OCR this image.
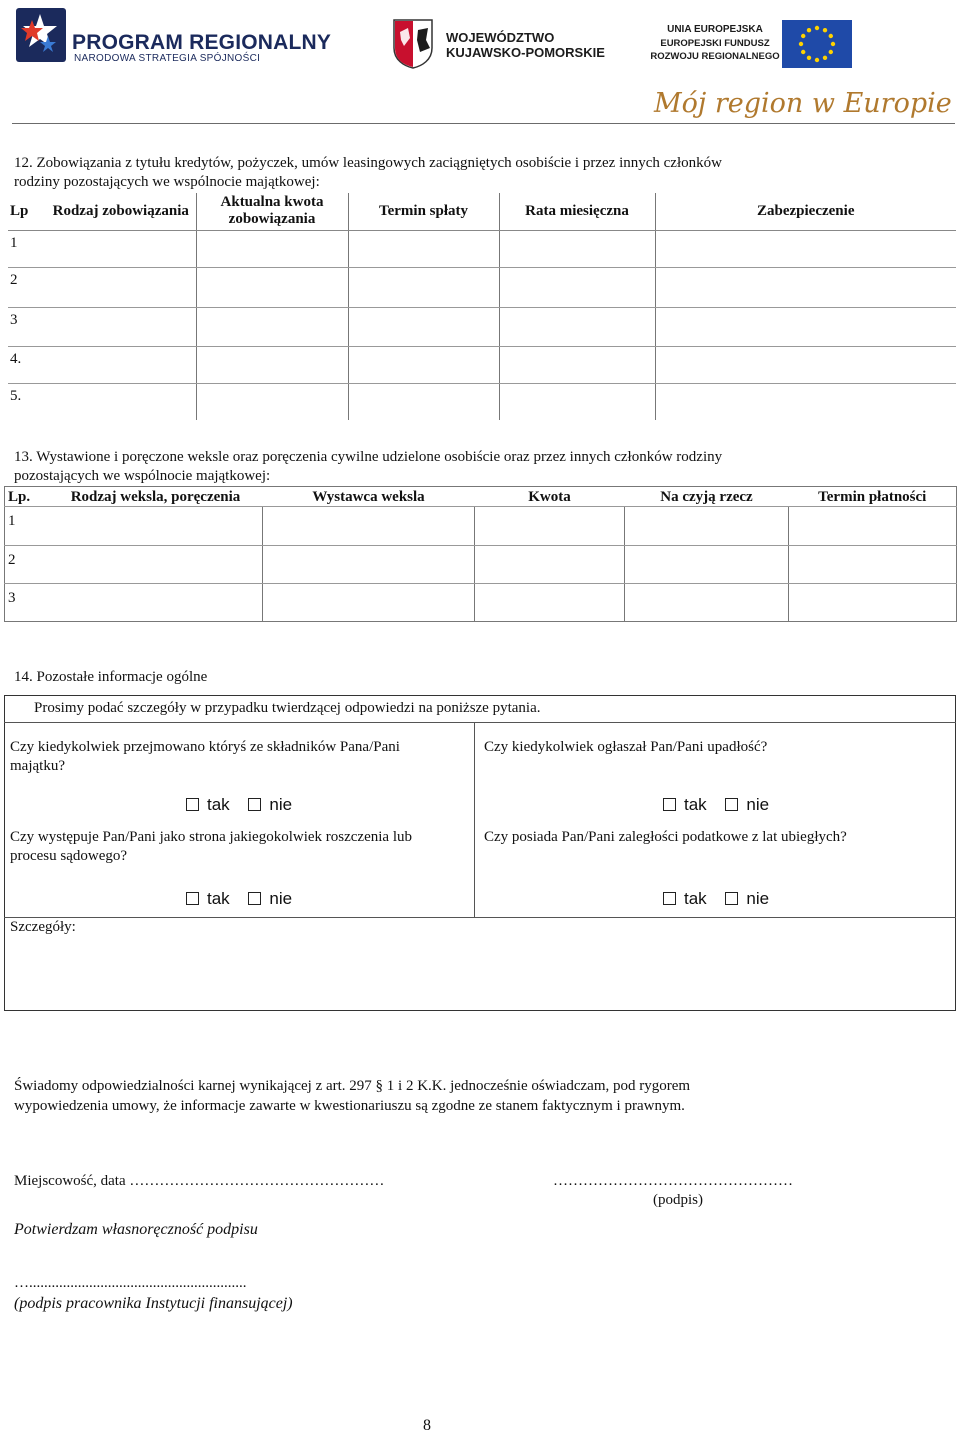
PROGRAM REGIONALNY
NARODOWA STRATEGIA SPÓJNOŚCI
WOJEWÓDZTWO
KUJAWSKO-POMORSKIE
UNIA EUROPEJSKA
EUROPEJSKI FUNDUSZ
ROZWOJU REGIONALNEGO
Mój region w Europie
12. Zobowiązania z tytułu kredytów, pożyczek, umów leasingowych zaciągniętych osobiście i przez innych członków
rodziny pozostających we wspólnocie majątkowej:
Lp	Rodzaj zobowiązania	Aktualna kwota zobowiązania	Termin spłaty	Rata miesięczna	Zabezpieczenie
1					
2					
3					
4.					
5.					
13. Wystawione i poręczone weksle oraz poręczenia cywilne udzielone osobiście oraz przez innych członków rodziny
pozostających we wspólnocie majątkowej:
Lp.	Rodzaj weksla, poręczenia	Wystawca weksla	Kwota	Na czyją rzecz	Termin płatności
1					
2					
3					
14. Pozostałe informacje ogólne
Prosimy podać szczegóły w przypadku twierdzącej odpowiedzi na poniższe pytania.
Czy kiedykolwiek przejmowano któryś ze składników Pana/Pani
majątku?
Czy kiedykolwiek ogłaszał Pan/Pani upadłość?
tak nie	tak nie
Czy występuje Pan/Pani jako strona jakiegokolwiek roszczenia lub
procesu sądowego?
Czy posiada Pan/Pani zaległości podatkowe z lat ubiegłych?
tak nie	tak nie
Szczegóły:
Świadomy odpowiedzialności karnej wynikającej z art. 297 § 1 i 2 K.K. jednocześnie oświadczam, pod rygorem
wypowiedzenia umowy, że informacje zawarte w kwestionariuszu są zgodne ze stanem faktycznym i prawnym.
Miejscowość, data ……………………………………………	…………………………………………
(podpis)
Potwierdzam własnoręczność podpisu
…..........................................................
(podpis pracownika Instytucji finansującej)
8
